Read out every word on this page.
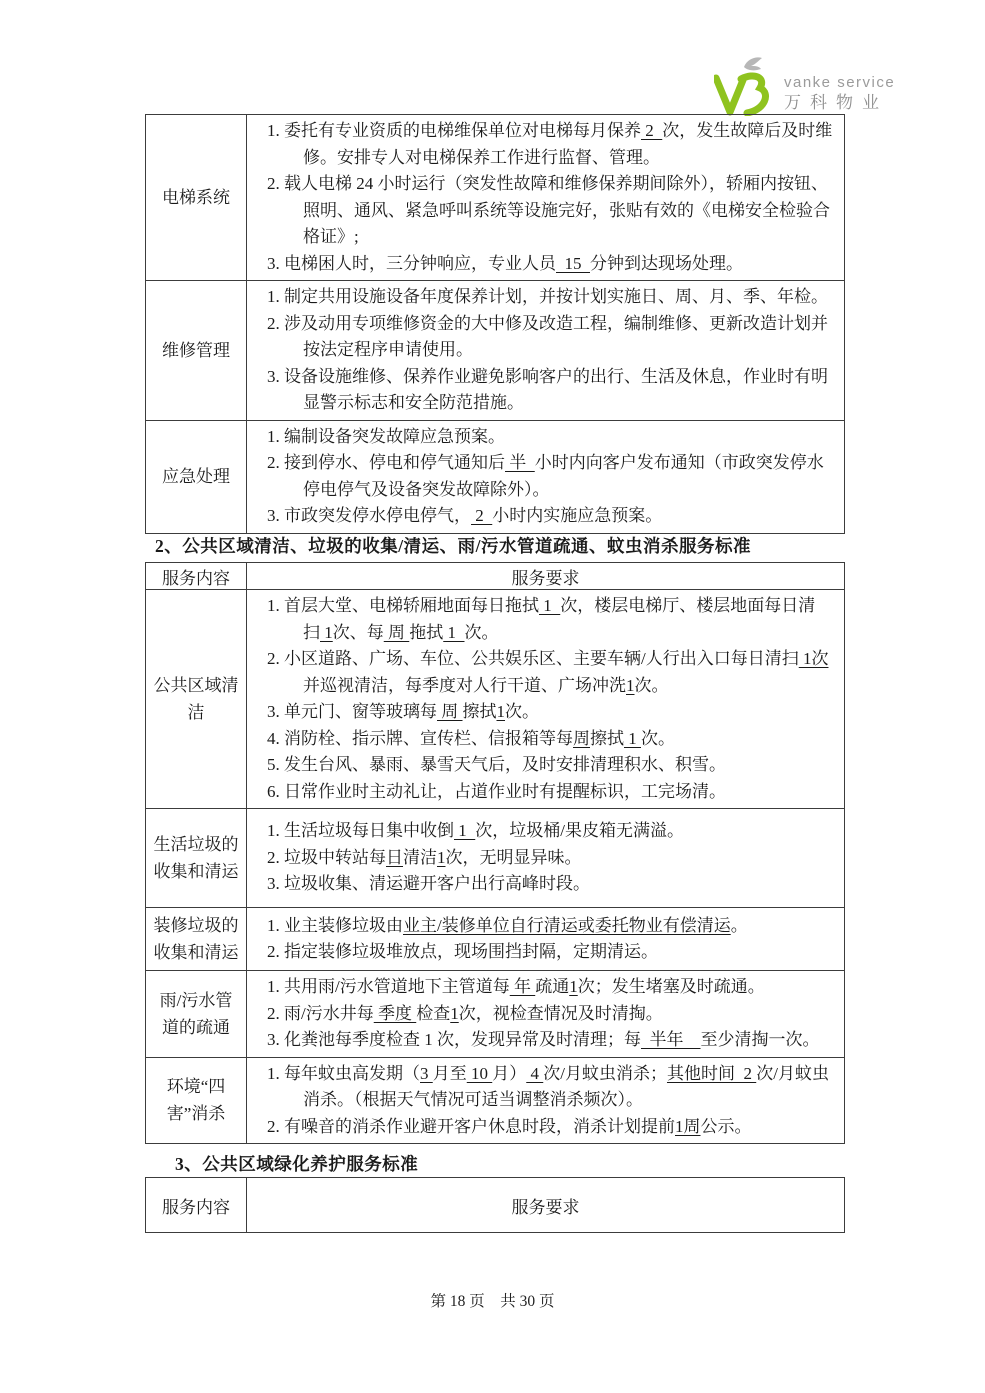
vanke service
万科物业
电梯系统	1. 委托有专业资质的电梯维保单位对电梯每月保养 2  次，发生故障后及时维修。安排专人对电梯保养工作进行监督、管理。
2. 载人电梯 24 小时运行（突发性故障和维修保养期间除外），轿厢内按钮、照明、通风、紧急呼叫系统等设施完好，张贴有效的《电梯安全检验合格证》;
3. 电梯困人时，三分钟响应，专业人员  15  分钟到达现场处理。

维修管理	1. 制定共用设施设备年度保养计划，并按计划实施日、周、月、季、年检。
2. 涉及动用专项维修资金的大中修及改造工程，编制维修、更新改造计划并按法定程序申请使用。
3. 设备设施维修、保养作业避免影响客户的出行、生活及休息，作业时有明显警示标志和安全防范措施。

应急处理	1. 编制设备突发故障应急预案。
2. 接到停水、停电和停气通知后 半  小时内向客户发布通知（市政突发停水停电停气及设备突发故障除外）。
3. 市政突发停水停电停气， 2  小时内实施应急预案。
2、公共区域清洁、垃圾的收集/清运、雨/污水管道疏通、蚊虫消杀服务标准
服务内容	服务要求
公共区域清洁	
1. 首层大堂、电梯轿厢地面每日拖拭 1  次，楼层电梯厅、楼层地面每日清扫 1次、每 周 拖拭 1  次。
2. 小区道路、广场、车位、公共娱乐区、主要车辆/人行出入口每日清扫 1次并巡视清洁，每季度对人行干道、广场冲洗1次。
3. 单元门、窗等玻璃每 周 擦拭1次。
4. 消防栓、指示牌、宣传栏、信报箱等每周擦拭 1 次。
5. 发生台风、暴雨、暴雪天气后，及时安排清理积水、积雪。
6. 日常作业时主动礼让，占道作业时有提醒标识，工完场清。

生活垃圾的收集和清运	1. 生活垃圾每日集中收倒 1  次，垃圾桶/果皮箱无满溢。
2. 垃圾中转站每日清洁1次，无明显异味。
3. 垃圾收集、清运避开客户出行高峰时段。

装修垃圾的收集和清运	1. 业主装修垃圾由业主/装修单位自行清运或委托物业有偿清运。
2. 指定装修垃圾堆放点，现场围挡封隔，定期清运。

雨/污水管道的疏通	1. 共用雨/污水管道地下主管道每 年 疏通1次；发生堵塞及时疏通。
2. 雨/污水井每 季度 检查1次，视检查情况及时清掏。
3. 化粪池每季度检查 1 次，发现异常及时清理；每  半年    至少清掏一次。

环境“四害”消杀	1. 每年蚊虫高发期（3 月至 10 月） 4 次/月蚊虫消杀；其他时间  2 次/月蚊虫消杀。（根据天气情况可适当调整消杀频次）。
2. 有噪音的消杀作业避开客户休息时段，消杀计划提前1周公示。
3、公共区域绿化养护服务标准
服务内容	服务要求
第 18 页　共 30 页
